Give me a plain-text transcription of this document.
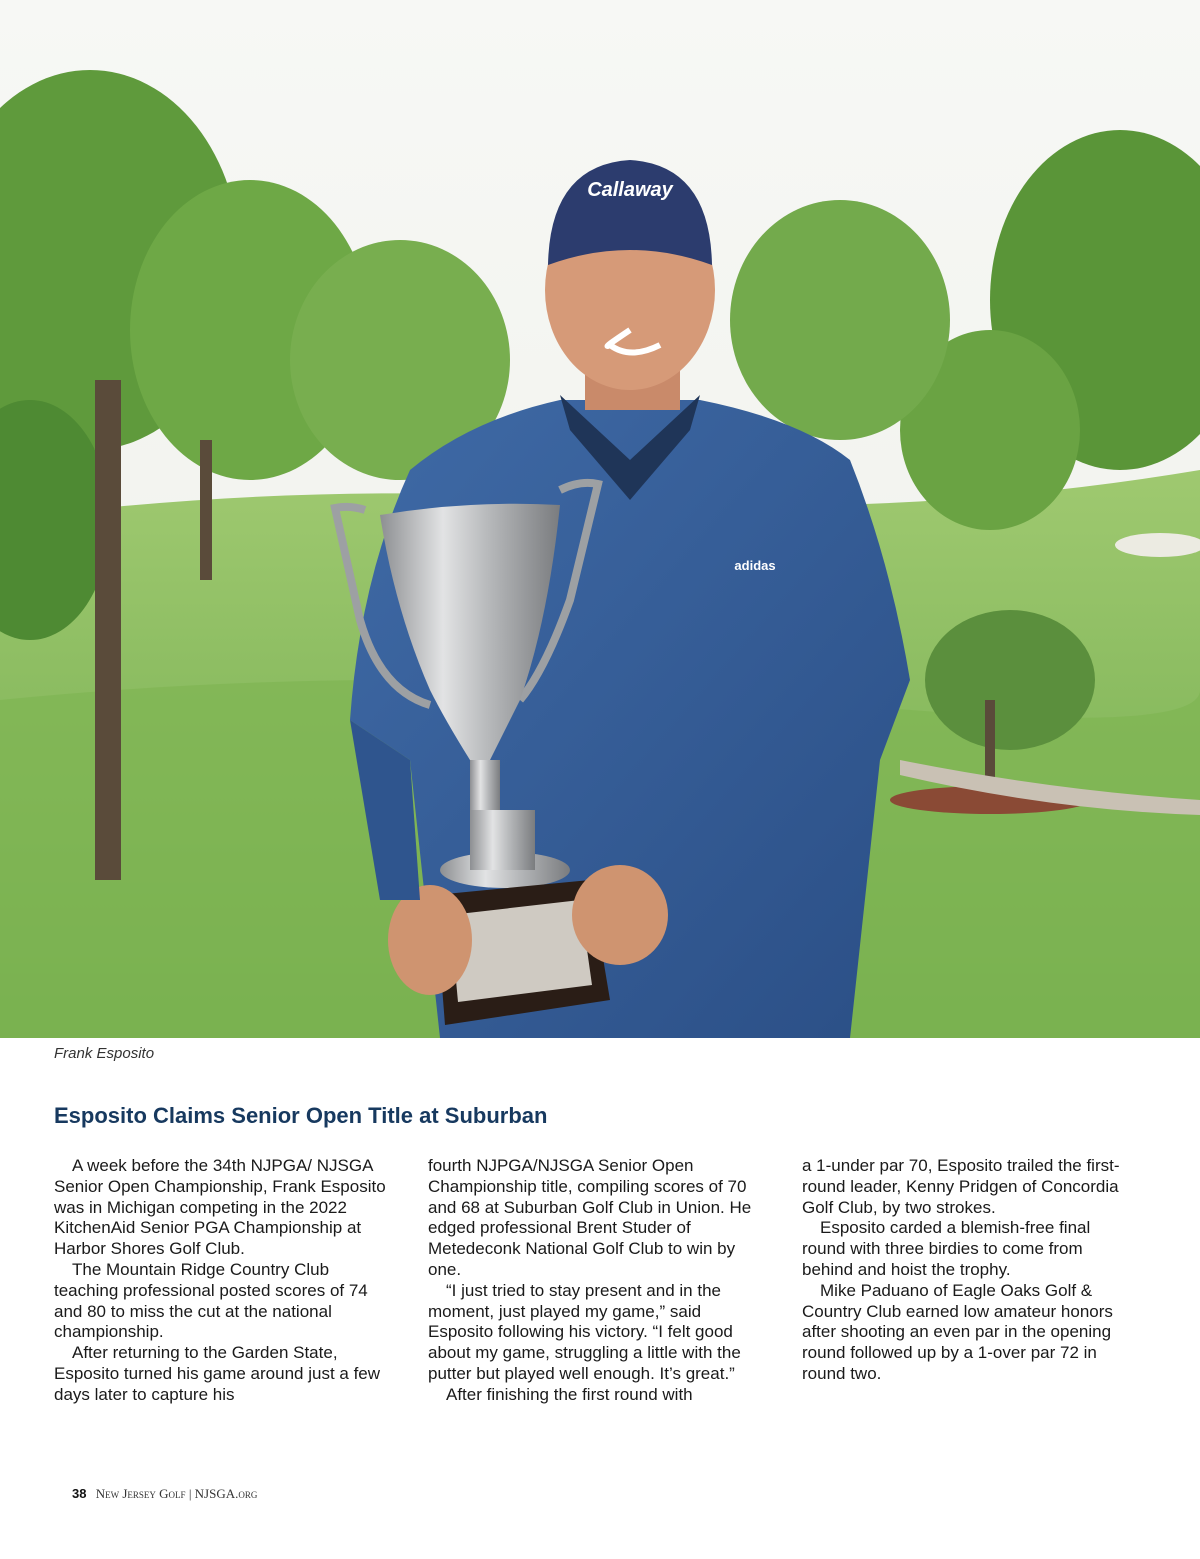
Callaway
adidas
Frank Esposito
Esposito Claims Senior Open Title at Suburban

A week before the 34th NJPGA/ NJSGA Senior Open Championship, Frank Esposito was in Michigan competing in the 2022 KitchenAid Senior PGA Championship at Harbor Shores Golf Club.

The Mountain Ridge Country Club teaching professional posted scores of 74 and 80 to miss the cut at the national championship.

After returning to the Garden State, Esposito turned his game around just a few days later to capture his

fourth NJPGA/NJSGA Senior Open Championship title, compiling scores of 70 and 68 at Suburban Golf Club in Union. He edged professional Brent Studer of Metedeconk National Golf Club to win by one.

“I just tried to stay present and in the moment, just played my game,” said Esposito following his victory. “I felt good about my game, struggling a little with the putter but played well enough. It’s great.”

After finishing the first round with

a 1-under par 70, Esposito trailed the first-round leader, Kenny Pridgen of Concordia Golf Club, by two strokes.

Esposito carded a blemish-free final round with three birdies to come from behind and hoist the trophy.

Mike Paduano of Eagle Oaks Golf & Country Club earned low amateur honors after shooting an even par in the opening round followed up by a 1-over par 72 in round two.

38 New Jersey Golf | NJSGA.org
